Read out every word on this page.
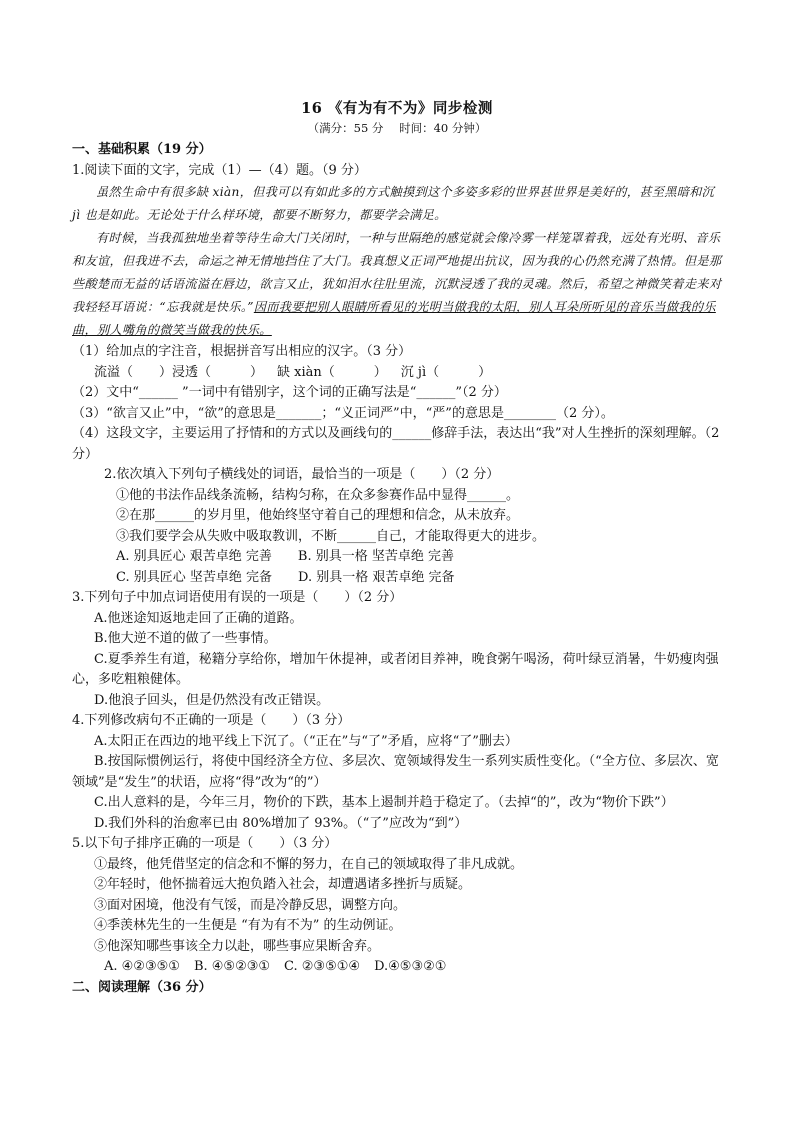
16 《有为有不为》同步检测
（满分：55 分 时间：40 分钟）

一、基础积累（19 分）

1.阅读下面的文字，完成（1）—（4）题。（9 分）

虽然生命中有很多缺 xiàn，但我可以有如此多的方式触摸到这个多姿多彩的世界甚世界是美好的，甚至黑暗和沉 jì 也是如此。无论处于什么样环境，都要不断努力，都要学会满足。

有时候，当我孤独地坐着等待生命大门关闭时，一种与世隔绝的感觉就会像冷雾一样笼罩着我，远处有光明、音乐和友谊，但我进不去，命运之神无情地挡住了大门。我真想义正词严地提出抗议，因为我的心仍然充满了热情。但是那些酸楚而无益的话语流溢在唇边，欲言又止，犹如泪水往肚里流，沉默浸透了我的灵魂。然后，希望之神微笑着走来对我轻轻耳语说：“忘我就是快乐。”因而我要把别人眼睛所看见的光明当做我的太阳，别人耳朵所听见的音乐当做我的乐曲，别人嘴角的微笑当做我的快乐。

（1）给加点的字注音，根据拼音写出相应的汉字。（3 分）

流溢（　　）浸透（　　　） 缺 xiàn（　　　） 沉 jì（　　　）

（2）文中“______ ”一词中有错别字，这个词的正确写法是“______”（2 分）

（3）“欲言又止”中，“欲”的意思是_______；“义正词严”中，“严”的意思是________（2 分）。

（4）这段文字，主要运用了抒情和的方式以及画线句的______修辞手法，表达出“我”对人生挫折的深刻理解。（2 分）

2.依次填入下列句子横线处的词语，最恰当的一项是（　　）（2 分）

①他的书法作品线条流畅，结构匀称，在众多参赛作品中显得______。

②在那______的岁月里，他始终坚守着自己的理想和信念，从未放弃。

③我们要学会从失败中吸取教训，不断______自己，才能取得更大的进步。

A. 别具匠心 艰苦卓绝 完善 B. 别具一格 坚苦卓绝 完善

C. 别具匠心 坚苦卓绝 完备 D. 别具一格 艰苦卓绝 完备

3.下列句子中加点词语使用有误的一项是（　　）（2 分）

A.他迷途知返地走回了正确的道路。

B.他大逆不道的做了一些事情。

C.夏季养生有道，秘籍分享给你，增加午休提神，或者闭目养神，晚食粥午喝汤，荷叶绿豆消暑，牛奶瘦肉强心，多吃粗粮健体。

D.他浪子回头，但是仍然没有改正错误。

4.下列修改病句不正确的一项是（　　）（3 分）

A.太阳正在西边的地平线上下沉了。（“正在”与“了”矛盾，应将“了”删去）

B.按国际惯例运行，将使中国经济全方位、多层次、宽领域得发生一系列实质性变化。（“全方位、多层次、宽领域”是“发生”的状语，应将“得”改为“的”）

C.出人意料的是，今年三月，物价的下跌，基本上遏制并趋于稳定了。（去掉“的”，改为“物价下跌”）

D.我们外科的治愈率已由 80%增加了 93%。（“了”应改为“到”）

5.以下句子排序正确的一项是（　　）（3 分）

①最终，他凭借坚定的信念和不懈的努力，在自己的领域取得了非凡成就。

②年轻时，他怀揣着远大抱负踏入社会，却遭遇诸多挫折与质疑。

③面对困境，他没有气馁，而是冷静反思，调整方向。

④季羡林先生的一生便是 “有为有不为” 的生动例证。

⑤他深知哪些事该全力以赴，哪些事应果断舍弃。

A. ④②③⑤① B. ④⑤②③① C. ②③⑤①④ D.④⑤③②①

二、阅读理解（36 分）
